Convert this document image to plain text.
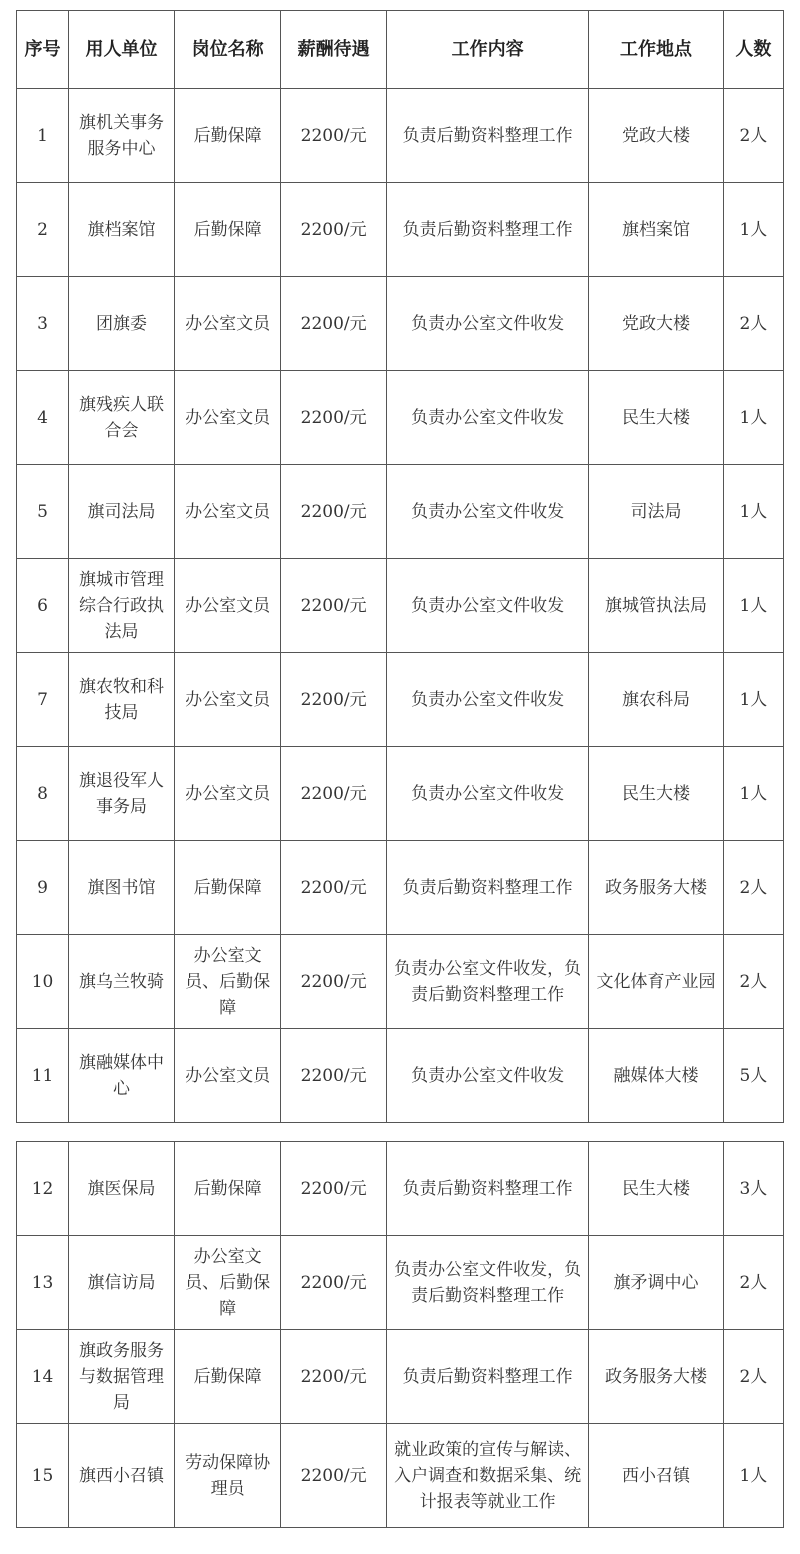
序号	用人单位	岗位名称	薪酬待遇	工作内容	工作地点	人数
1	旗机关事务服务中心	后勤保障	2200/元	负责后勤资料整理工作	党政大楼	2人
2	旗档案馆	后勤保障	2200/元	负责后勤资料整理工作	旗档案馆	1人
3	团旗委	办公室文员	2200/元	负责办公室文件收发	党政大楼	2人
4	旗残疾人联合会	办公室文员	2200/元	负责办公室文件收发	民生大楼	1人
5	旗司法局	办公室文员	2200/元	负责办公室文件收发	司法局	1人
6	旗城市管理综合行政执法局	办公室文员	2200/元	负责办公室文件收发	旗城管执法局	1人
7	旗农牧和科技局	办公室文员	2200/元	负责办公室文件收发	旗农科局	1人
8	旗退役军人事务局	办公室文员	2200/元	负责办公室文件收发	民生大楼	1人
9	旗图书馆	后勤保障	2200/元	负责后勤资料整理工作	政务服务大楼	2人
10	旗乌兰牧骑	办公室文员、后勤保障	2200/元	负责办公室文件收发，负责后勤资料整理工作	文化体育产业园	2人
11	旗融媒体中心	办公室文员	2200/元	负责办公室文件收发	融媒体大楼	5人
12	旗医保局	后勤保障	2200/元	负责后勤资料整理工作	民生大楼	3人
13	旗信访局	办公室文员、后勤保障	2200/元	负责办公室文件收发，负责后勤资料整理工作	旗矛调中心	2人
14	旗政务服务与数据管理局	后勤保障	2200/元	负责后勤资料整理工作	政务服务大楼	2人
15	旗西小召镇	劳动保障协理员	2200/元	就业政策的宣传与解读、入户调查和数据采集、统计报表等就业工作	西小召镇	1人
